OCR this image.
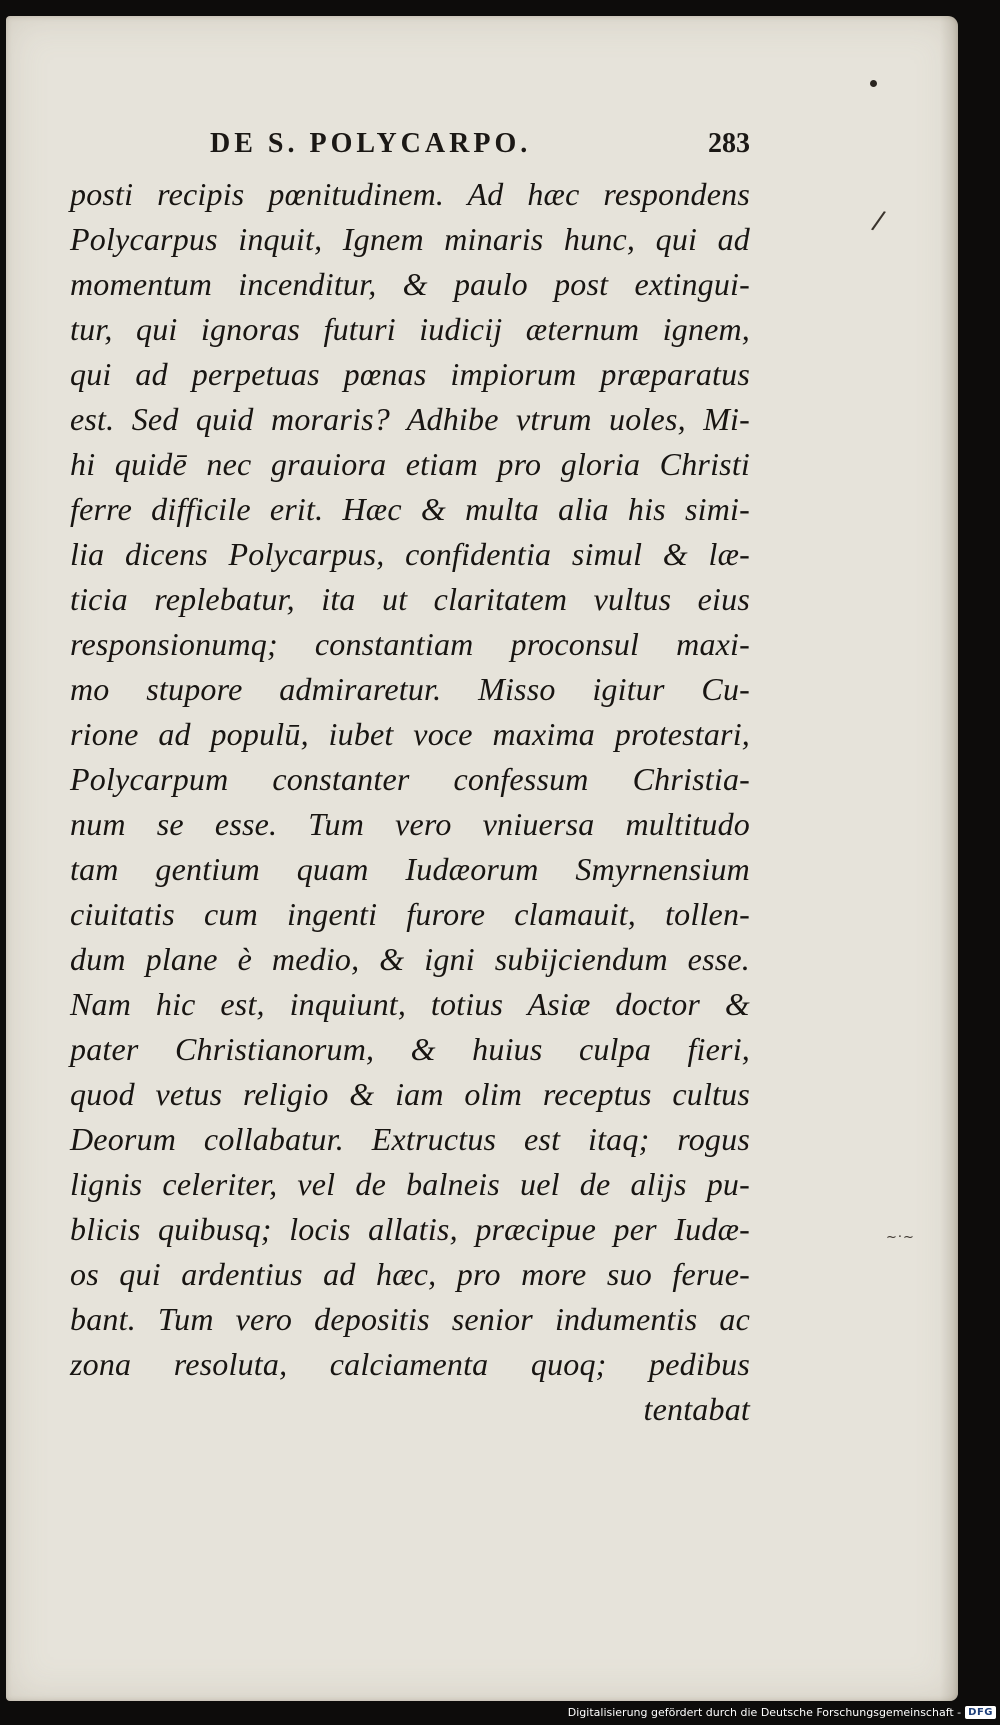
/
~·~
DE S. POLYCARPO.	283
posti recipis pœnitudinem. Ad hæc respondens
Polycarpus inquit, Ignem minaris hunc, qui ad
momentum incenditur, & paulo post extingui-
tur, qui ignoras futuri iudicij æternum ignem,
qui ad perpetuas pœnas impiorum præparatus
est. Sed quid moraris? Adhibe vtrum uoles, Mi-
hi quidē nec grauiora etiam pro gloria Christi
ferre difficile erit. Hæc & multa alia his simi-
lia dicens Polycarpus, confidentia simul & læ-
ticia replebatur, ita ut claritatem vultus eius
responsionumq; constantiam proconsul maxi-
mo stupore admiraretur. Misso igitur Cu-
rione ad populū, iubet voce maxima protestari,
Polycarpum constanter confessum Christia-
num se esse. Tum vero vniuersa multitudo
tam gentium quam Iudæorum Smyrnensium
ciuitatis cum ingenti furore clamauit, tollen-
dum plane è medio, & igni subijciendum esse.
Nam hic est, inquiunt, totius Asiæ doctor &
pater Christianorum, & huius culpa fieri,
quod vetus religio & iam olim receptus cultus
Deorum collabatur. Extructus est itaq; rogus
lignis celeriter, vel de balneis uel de alijs pu-
blicis quibusq; locis allatis, præcipue per Iudæ-
os qui ardentius ad hæc, pro more suo ferue-
bant. Tum vero depositis senior indumentis ac
zona resoluta, calciamenta quoq; pedibus
tentabat
Digitalisierung gefördert durch die Deutsche Forschungsgemeinschaft - DFG
